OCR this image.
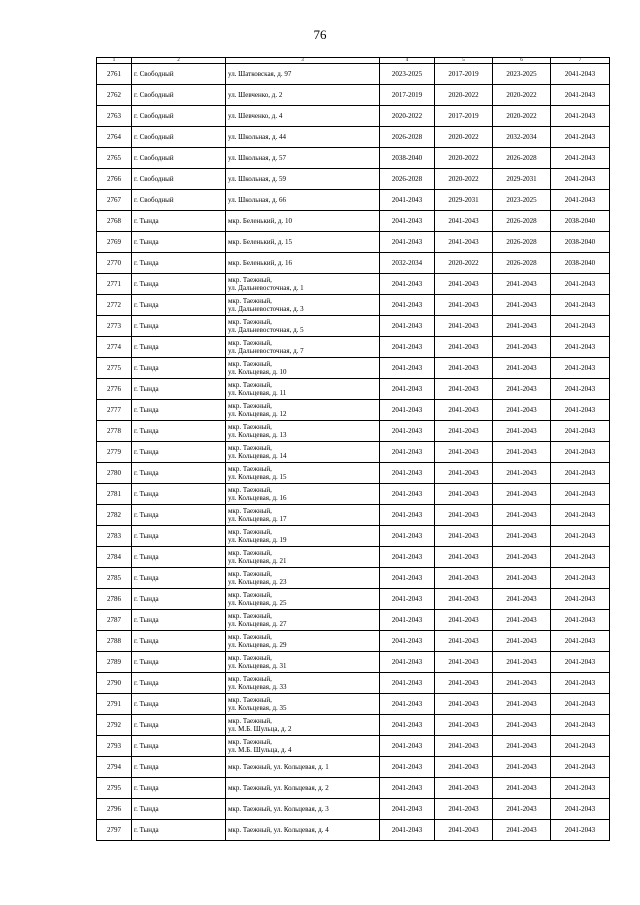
76
1	2	3	4	5	6	7
2761	г. Свободный	ул. Шатковская, д. 97	2023-2025	2017-2019	2023-2025	2041-2043
2762	г. Свободный	ул. Шевченко, д. 2	2017-2019	2020-2022	2020-2022	2041-2043
2763	г. Свободный	ул. Шевченко, д. 4	2020-2022	2017-2019	2020-2022	2041-2043
2764	г. Свободный	ул. Школьная, д. 44	2026-2028	2020-2022	2032-2034	2041-2043
2765	г. Свободный	ул. Школьная, д. 57	2038-2040	2020-2022	2026-2028	2041-2043
2766	г. Свободный	ул. Школьная, д. 59	2026-2028	2020-2022	2029-2031	2041-2043
2767	г. Свободный	ул. Школьная, д. 66	2041-2043	2029-2031	2023-2025	2041-2043
2768	г. Тында	мкр. Беленький, д. 10	2041-2043	2041-2043	2026-2028	2038-2040
2769	г. Тында	мкр. Беленький, д. 15	2041-2043	2041-2043	2026-2028	2038-2040
2770	г. Тында	мкр. Беленький, д. 16	2032-2034	2020-2022	2026-2028	2038-2040
2771	г. Тында	мкр. Таежный,
ул. Дальневосточная, д. 1	2041-2043	2041-2043	2041-2043	2041-2043
2772	г. Тында	мкр. Таежный,
ул. Дальневосточная, д. 3	2041-2043	2041-2043	2041-2043	2041-2043
2773	г. Тында	мкр. Таежный,
ул. Дальневосточная, д. 5	2041-2043	2041-2043	2041-2043	2041-2043
2774	г. Тында	мкр. Таежный,
ул. Дальневосточная, д. 7	2041-2043	2041-2043	2041-2043	2041-2043
2775	г. Тында	мкр. Таежный,
ул. Кольцевая, д. 10	2041-2043	2041-2043	2041-2043	2041-2043
2776	г. Тында	мкр. Таежный,
ул. Кольцевая, д. 11	2041-2043	2041-2043	2041-2043	2041-2043
2777	г. Тында	мкр. Таежный,
ул. Кольцевая, д. 12	2041-2043	2041-2043	2041-2043	2041-2043
2778	г. Тында	мкр. Таежный,
ул. Кольцевая, д. 13	2041-2043	2041-2043	2041-2043	2041-2043
2779	г. Тында	мкр. Таежный,
ул. Кольцевая, д. 14	2041-2043	2041-2043	2041-2043	2041-2043
2780	г. Тында	мкр. Таежный,
ул. Кольцевая, д. 15	2041-2043	2041-2043	2041-2043	2041-2043
2781	г. Тында	мкр. Таежный,
ул. Кольцевая, д. 16	2041-2043	2041-2043	2041-2043	2041-2043
2782	г. Тында	мкр. Таежный,
ул. Кольцевая, д. 17	2041-2043	2041-2043	2041-2043	2041-2043
2783	г. Тында	мкр. Таежный,
ул. Кольцевая, д. 19	2041-2043	2041-2043	2041-2043	2041-2043
2784	г. Тында	мкр. Таежный,
ул. Кольцевая, д. 21	2041-2043	2041-2043	2041-2043	2041-2043
2785	г. Тында	мкр. Таежный,
ул. Кольцевая, д. 23	2041-2043	2041-2043	2041-2043	2041-2043
2786	г. Тында	мкр. Таежный,
ул. Кольцевая, д. 25	2041-2043	2041-2043	2041-2043	2041-2043
2787	г. Тында	мкр. Таежный,
ул. Кольцевая, д. 27	2041-2043	2041-2043	2041-2043	2041-2043
2788	г. Тында	мкр. Таежный,
ул. Кольцевая, д. 29	2041-2043	2041-2043	2041-2043	2041-2043
2789	г. Тында	мкр. Таежный,
ул. Кольцевая, д. 31	2041-2043	2041-2043	2041-2043	2041-2043
2790	г. Тында	мкр. Таежный,
ул. Кольцевая, д. 33	2041-2043	2041-2043	2041-2043	2041-2043
2791	г. Тында	мкр. Таежный,
ул. Кольцевая, д. 35	2041-2043	2041-2043	2041-2043	2041-2043
2792	г. Тында	мкр. Таежный,
ул. М.Б. Шульца, д. 2	2041-2043	2041-2043	2041-2043	2041-2043
2793	г. Тында	мкр. Таежный,
ул. М.Б. Шульца, д. 4	2041-2043	2041-2043	2041-2043	2041-2043
2794	г. Тында	мкр. Таежный, ул. Кольцевая, д. 1	2041-2043	2041-2043	2041-2043	2041-2043
2795	г. Тында	мкр. Таежный, ул. Кольцевая, д. 2	2041-2043	2041-2043	2041-2043	2041-2043
2796	г. Тында	мкр. Таежный, ул. Кольцевая, д. 3	2041-2043	2041-2043	2041-2043	2041-2043
2797	г. Тында	мкр. Таежный, ул. Кольцевая, д. 4	2041-2043	2041-2043	2041-2043	2041-2043
